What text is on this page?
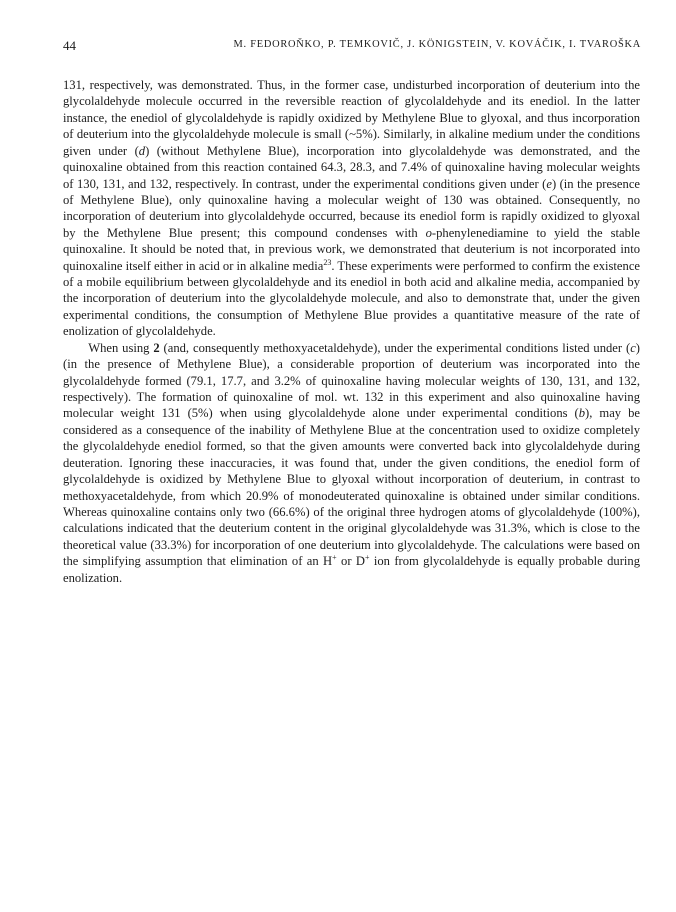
44	M. FEDOROŇKO, P. TEMKOVIČ, J. KÖNIGSTEIN, V. KOVÁČIK, I. TVAROŠKA

131, respectively, was demonstrated. Thus, in the former case, undisturbed incorporation of deuterium into the glycolaldehyde molecule occurred in the reversible reaction of glycolaldehyde and its enediol. In the latter instance, the enediol of glycolaldehyde is rapidly oxidized by Methylene Blue to glyoxal, and thus incorporation of deuterium into the glycolaldehyde molecule is small (~5%). Similarly, in alkaline medium under the conditions given under (d) (without Methylene Blue), incorporation into glycolaldehyde was demonstrated, and the quinoxaline obtained from this reaction contained 64.3, 28.3, and 7.4% of quinoxaline having molecular weights of 130, 131, and 132, respectively. In contrast, under the experimental conditions given under (e) (in the presence of Methylene Blue), only quinoxaline having a molecular weight of 130 was obtained. Consequently, no incorporation of deuterium into glycolaldehyde occurred, because its enediol form is rapidly oxidized to glyoxal by the Methylene Blue present; this compound condenses with o-phenylenediamine to yield the stable quinoxaline. It should be noted that, in previous work, we demonstrated that deuterium is not incorporated into quinoxaline itself either in acid or in alkaline media$^{23}$. These experiments were performed to confirm the existence of a mobile equilibrium between glycolaldehyde and its enediol in both acid and alkaline media, accompanied by the incorporation of deuterium into the glycolaldehyde molecule, and also to demonstrate that, under the given experimental conditions, the consumption of Methylene Blue provides a quantitative measure of the rate of enolization of glycolaldehyde.

When using 2 (and, consequently methoxyacetaldehyde), under the experimental conditions listed under (c) (in the presence of Methylene Blue), a considerable proportion of deuterium was incorporated into the glycolaldehyde formed (79.1, 17.7, and 3.2% of quinoxaline having molecular weights of 130, 131, and 132, respectively). The formation of quinoxaline of mol. wt. 132 in this experiment and also quinoxaline having molecular weight 131 (5%) when using glycolaldehyde alone under experimental conditions (b), may be considered as a consequence of the inability of Methylene Blue at the concentration used to oxidize completely the glycolaldehyde enediol formed, so that the given amounts were converted back into glycolaldehyde during deuteration. Ignoring these inaccuracies, it was found that, under the given conditions, the enediol form of glycolaldehyde is oxidized by Methylene Blue to glyoxal without incorporation of deuterium, in contrast to methoxyacetaldehyde, from which 20.9% of monodeuterated quinoxaline is obtained under similar conditions. Whereas quinoxaline contains only two (66.6%) of the original three hydrogen atoms of glycolaldehyde (100%), calculations indicated that the deuterium content in the original glycolaldehyde was 31.3%, which is close to the theoretical value (33.3%) for incorporation of one deuterium into glycolaldehyde. The calculations were based on the simplifying assumption that elimination of an H+ or D+ ion from glycolaldehyde is equally probable during enolization.
